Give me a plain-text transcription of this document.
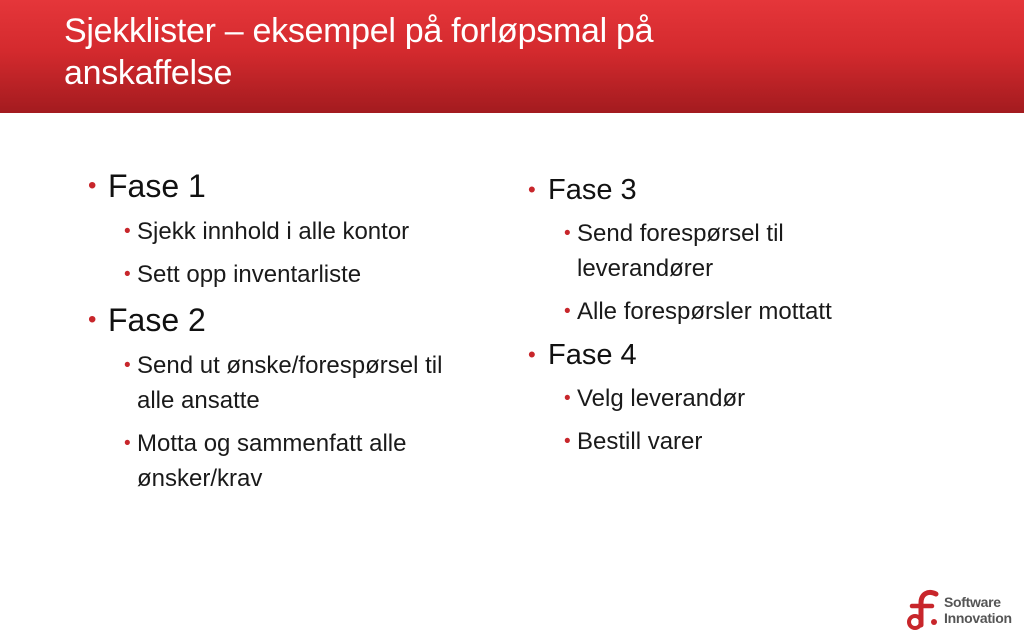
Sjekklister – eksempel på forløpsmal på anskaffelse
• Fase 1
• Sjekk innhold i alle kontor
• Sett opp inventarliste
• Fase 2
• Send ut ønske/forespørsel til alle ansatte
• Motta og sammenfatt alle ønsker/krav
• Fase 3
• Send forespørsel til leverandører
• Alle forespørsler mottatt
• Fase 4
• Velg leverandør
• Bestill varer
Software
Innovation
